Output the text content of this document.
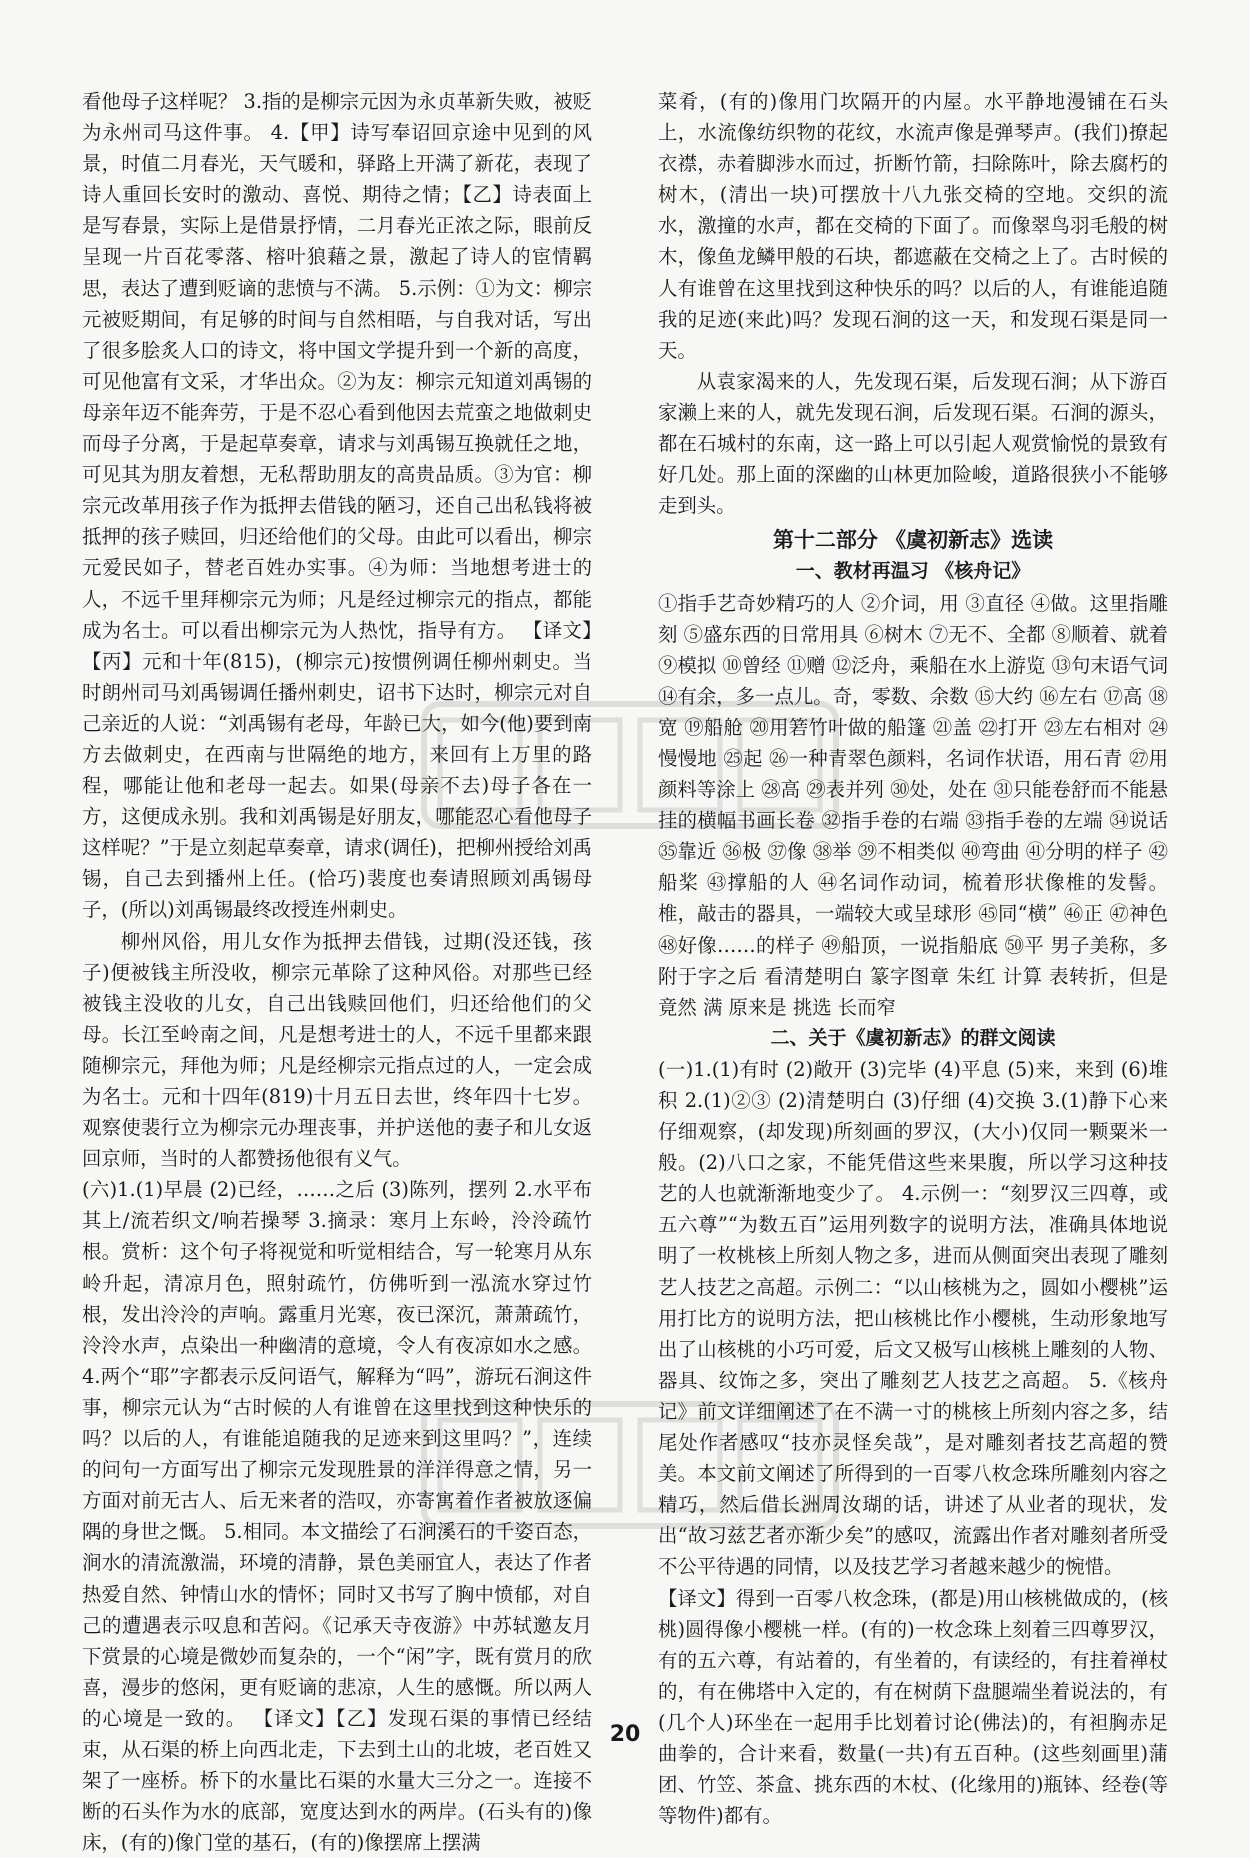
看他母子这样呢？ 3.指的是柳宗元因为永贞革新失败，被贬为永州司马这件事。 4.【甲】诗写奉诏回京途中见到的风景，时值二月春光，天气暖和，驿路上开满了新花，表现了诗人重回长安时的激动、喜悦、期待之情；【乙】诗表面上是写春景，实际上是借景抒情，二月春光正浓之际，眼前反呈现一片百花零落、榕叶狼藉之景，激起了诗人的宦情羁思，表达了遭到贬谪的悲愤与不满。 5.示例：①为文：柳宗元被贬期间，有足够的时间与自然相晤，与自我对话，写出了很多脍炙人口的诗文，将中国文学提升到一个新的高度，可见他富有文采，才华出众。②为友：柳宗元知道刘禹锡的母亲年迈不能奔劳，于是不忍心看到他因去荒蛮之地做刺史而母子分离，于是起草奏章，请求与刘禹锡互换就任之地，可见其为朋友着想，无私帮助朋友的高贵品质。③为官：柳宗元改革用孩子作为抵押去借钱的陋习，还自己出私钱将被抵押的孩子赎回，归还给他们的父母。由此可以看出，柳宗元爱民如子，替老百姓办实事。④为师：当地想考进士的人，不远千里拜柳宗元为师；凡是经过柳宗元的指点，都能成为名士。可以看出柳宗元为人热忱，指导有方。 【译文】【丙】元和十年(815)，(柳宗元)按惯例调任柳州刺史。当时朗州司马刘禹锡调任播州刺史，诏书下达时，柳宗元对自己亲近的人说：“刘禹锡有老母，年龄已大，如今(他)要到南方去做刺史，在西南与世隔绝的地方，来回有上万里的路程，哪能让他和老母一起去。如果(母亲不去)母子各在一方，这便成永别。我和刘禹锡是好朋友，哪能忍心看他母子这样呢？”于是立刻起草奏章，请求(调任)，把柳州授给刘禹锡，自己去到播州上任。(恰巧)裴度也奏请照顾刘禹锡母子，(所以)刘禹锡最终改授连州刺史。

柳州风俗，用儿女作为抵押去借钱，过期(没还钱，孩子)便被钱主所没收，柳宗元革除了这种风俗。对那些已经被钱主没收的儿女，自己出钱赎回他们，归还给他们的父母。长江至岭南之间，凡是想考进士的人，不远千里都来跟随柳宗元，拜他为师；凡是经柳宗元指点过的人，一定会成为名士。元和十四年(819)十月五日去世，终年四十七岁。观察使裴行立为柳宗元办理丧事，并护送他的妻子和儿女返回京师，当时的人都赞扬他很有义气。

(六)1.(1)早晨 (2)已经，……之后 (3)陈列，摆列 2.水平布其上/流若织文/响若操琴 3.摘录：寒月上东岭，泠泠疏竹根。赏析：这个句子将视觉和听觉相结合，写一轮寒月从东岭升起，清凉月色，照射疏竹，仿佛听到一泓流水穿过竹根，发出泠泠的声响。露重月光寒，夜已深沉，萧萧疏竹，泠泠水声，点染出一种幽清的意境，令人有夜凉如水之感。 4.两个“耶”字都表示反问语气，解释为“吗”，游玩石涧这件事，柳宗元认为“古时候的人有谁曾在这里找到这种快乐的吗？以后的人，有谁能追随我的足迹来到这里吗？”，连续的问句一方面写出了柳宗元发现胜景的洋洋得意之情，另一方面对前无古人、后无来者的浩叹，亦寄寓着作者被放逐偏隅的身世之慨。 5.相同。本文描绘了石涧溪石的千姿百态，涧水的清流激湍，环境的清静，景色美丽宜人，表达了作者热爱自然、钟情山水的情怀；同时又书写了胸中愤郁，对自己的遭遇表示叹息和苦闷。《记承天寺夜游》中苏轼邀友月下赏景的心境是微妙而复杂的，一个“闲”字，既有赏月的欣喜，漫步的悠闲，更有贬谪的悲凉，人生的感慨。所以两人的心境是一致的。 【译文】【乙】发现石渠的事情已经结束，从石渠的桥上向西北走，下去到土山的北坡，老百姓又架了一座桥。桥下的水量比石渠的水量大三分之一。连接不断的石头作为水的底部，宽度达到水的两岸。(石头有的)像床，(有的)像门堂的基石，(有的)像摆席上摆满

菜肴，(有的)像用门坎隔开的内屋。水平静地漫铺在石头上，水流像纺织物的花纹，水流声像是弹琴声。(我们)撩起衣襟，赤着脚涉水而过，折断竹箭，扫除陈叶，除去腐朽的树木，(清出一块)可摆放十八九张交椅的空地。交织的流水，激撞的水声，都在交椅的下面了。而像翠鸟羽毛般的树木，像鱼龙鳞甲般的石块，都遮蔽在交椅之上了。古时候的人有谁曾在这里找到这种快乐的吗？以后的人，有谁能追随我的足迹(来此)吗？发现石涧的这一天，和发现石渠是同一天。

从袁家渴来的人，先发现石渠，后发现石涧；从下游百家濑上来的人，就先发现石涧，后发现石渠。石涧的源头，都在石城村的东南，这一路上可以引起人观赏愉悦的景致有好几处。那上面的深幽的山林更加险峻，道路很狭小不能够走到头。

第十二部分 《虞初新志》选读
一、教材再温习 《核舟记》

①指手艺奇妙精巧的人 ②介词，用 ③直径 ④做。这里指雕刻 ⑤盛东西的日常用具 ⑥树木 ⑦无不、全都 ⑧顺着、就着 ⑨模拟 ⑩曾经 ⑪赠 ⑫泛舟，乘船在水上游览 ⑬句末语气词 ⑭有余，多一点儿。奇，零数、余数 ⑮大约 ⑯左右 ⑰高 ⑱宽 ⑲船舱 ⑳用箬竹叶做的船篷 ㉑盖 ㉒打开 ㉓左右相对 ㉔慢慢地 ㉕起 ㉖一种青翠色颜料，名词作状语，用石青 ㉗用颜料等涂上 ㉘高 ㉙表并列 ㉚处，处在 ㉛只能卷舒而不能悬挂的横幅书画长卷 ㉜指手卷的右端 ㉝指手卷的左端 ㉞说话 ㉟靠近 ㊱极 ㊲像 ㊳举 ㊴不相类似 ㊵弯曲 ㊶分明的样子 ㊷船桨 ㊸撑船的人 ㊹名词作动词，梳着形状像椎的发髻。椎，敲击的器具，一端较大或呈球形 ㊺同“横” ㊻正 ㊼神色 ㊽好像……的样子 ㊾船顶，一说指船底 ㊿平 男子美称，多附于字之后 看清楚明白 篆字图章 朱红 计算 表转折，但是 竟然 满 原来是 挑选 长而窄

二、关于《虞初新志》的群文阅读

(一)1.(1)有时 (2)敞开 (3)完毕 (4)平息 (5)来，来到 (6)堆积 2.(1)②③ (2)清楚明白 (3)仔细 (4)交换 3.(1)静下心来仔细观察，(却发现)所刻画的罗汉，(大小)仅同一颗粟米一般。(2)八口之家，不能凭借这些来果腹，所以学习这种技艺的人也就渐渐地变少了。 4.示例一：“刻罗汉三四尊，或五六尊”“为数五百”运用列数字的说明方法，准确具体地说明了一枚桃核上所刻人物之多，进而从侧面突出表现了雕刻艺人技艺之高超。示例二：“以山核桃为之，圆如小樱桃”运用打比方的说明方法，把山核桃比作小樱桃，生动形象地写出了山核桃的小巧可爱，后文又极写山核桃上雕刻的人物、器具、纹饰之多，突出了雕刻艺人技艺之高超。 5.《核舟记》前文详细阐述了在不满一寸的桃核上所刻内容之多，结尾处作者感叹“技亦灵怪矣哉”，是对雕刻者技艺高超的赞美。本文前文阐述了所得到的一百零八枚念珠所雕刻内容之精巧，然后借长洲周汝瑚的话，讲述了从业者的现状，发出“故习兹艺者亦渐少矣”的感叹，流露出作者对雕刻者所受不公平待遇的同情，以及技艺学习者越来越少的惋惜。

【译文】得到一百零八枚念珠，(都是)用山核桃做成的，(核桃)圆得像小樱桃一样。(有的)一枚念珠上刻着三四尊罗汉，有的五六尊，有站着的，有坐着的，有读经的，有拄着禅杖的，有在佛塔中入定的，有在树荫下盘腿端坐着说法的，有(几个人)环坐在一起用手比划着讨论(佛法)的，有袒胸赤足曲拳的，合计来看，数量(一共)有五百种。(这些刻画里)蒲团、竹笠、茶盒、挑东西的木杖、(化缘用的)瓶钵、经卷(等等物件)都有。

20
